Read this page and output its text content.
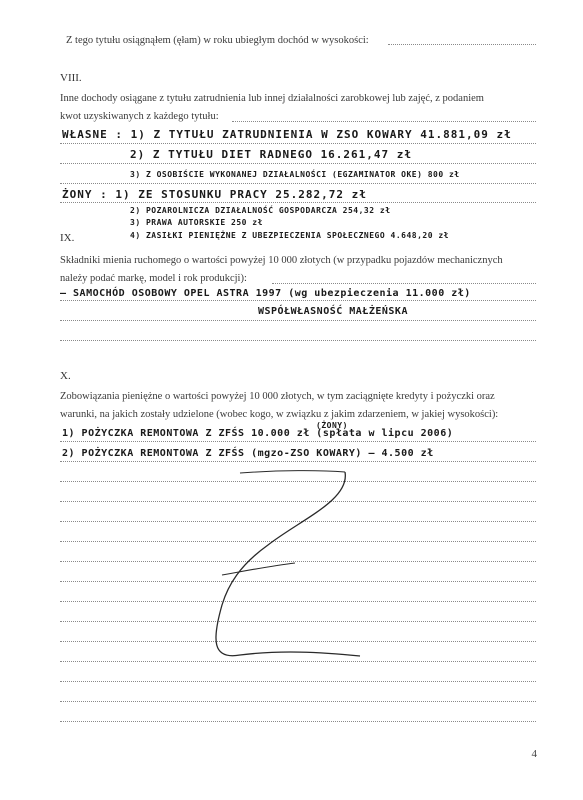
Z tego tytułu osiągnąłem (ęłam) w roku ubiegłym dochód w wysokości:
VIII.
Inne dochody osiągane z tytułu zatrudnienia lub innej działalności zarobkowej lub zajęć, z podaniem
kwot uzyskiwanych z każdego tytułu:
WŁASNE : 1) Z TYTUŁU ZATRUDNIENIA W ZSO KOWARY 41.881,09 zł
2) Z TYTUŁU DIET RADNEGO 16.261,47 zł
3) Z OSOBIŚCIE WYKONANEJ DZIAŁALNOŚCI (EGZAMINATOR OKE) 800 zł
ŻONY : 1) ZE STOSUNKU PRACY 25.282,72 zł
2) POZAROLNICZA DZIAŁALNOŚĆ GOSPODARCZA 254,32 zł
3) PRAWA AUTORSKIE 250 zł
IX.	4) ZASIŁKI PIENIĘŻNE Z UBEZPIECZENIA SPOŁECZNEGO 4.648,20 zł
Składniki mienia ruchomego o wartości powyżej 10 000 złotych (w przypadku pojazdów mechanicznych
należy podać markę, model i rok produkcji):
– SAMOCHÓD OSOBOWY OPEL ASTRA 1997 (wg ubezpieczenia 11.000 zł)
WSPÓŁWŁASNOŚĆ MAŁŻEŃSKA
X.
Zobowiązania pieniężne o wartości powyżej 10 000 złotych, w tym zaciągnięte kredyty i pożyczki oraz
warunki, na jakich zostały udzielone (wobec kogo, w związku z jakim zdarzeniem, w jakiej wysokości):
(ŻONY)
1) POŻYCZKA REMONTOWA Z ZFŚS 10.000 zł (spłata w lipcu 2006)
2) POŻYCZKA REMONTOWA Z ZFŚS (mgzo-ZSO KOWARY) – 4.500 zł
4
